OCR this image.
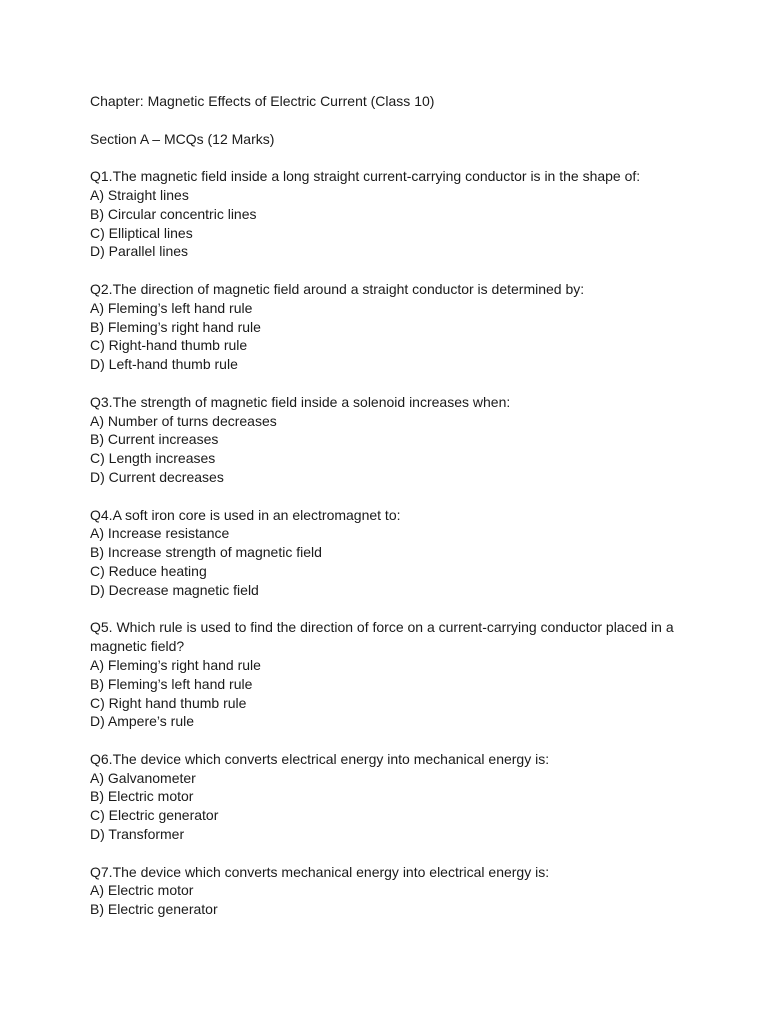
Chapter: Magnetic Effects of Electric Current (Class 10)
Section A – MCQs (12 Marks)
Q1.The magnetic field inside a long straight current-carrying conductor is in the shape of:
A) Straight lines
B) Circular concentric lines
C) Elliptical lines
D) Parallel lines
Q2.The direction of magnetic field around a straight conductor is determined by:
A) Fleming’s left hand rule
B) Fleming’s right hand rule
C) Right-hand thumb rule
D) Left-hand thumb rule
Q3.The strength of magnetic field inside a solenoid increases when:
A) Number of turns decreases
B) Current increases
C) Length increases
D) Current decreases
Q4.A soft iron core is used in an electromagnet to:
A) Increase resistance
B) Increase strength of magnetic field
C) Reduce heating
D) Decrease magnetic field
Q5. Which rule is used to find the direction of force on a current-carrying conductor placed in a
magnetic field?
A) Fleming’s right hand rule
B) Fleming’s left hand rule
C) Right hand thumb rule
D) Ampere’s rule
Q6.The device which converts electrical energy into mechanical energy is:
A) Galvanometer
B) Electric motor
C) Electric generator
D) Transformer
Q7.The device which converts mechanical energy into electrical energy is:
A) Electric motor
B) Electric generator
